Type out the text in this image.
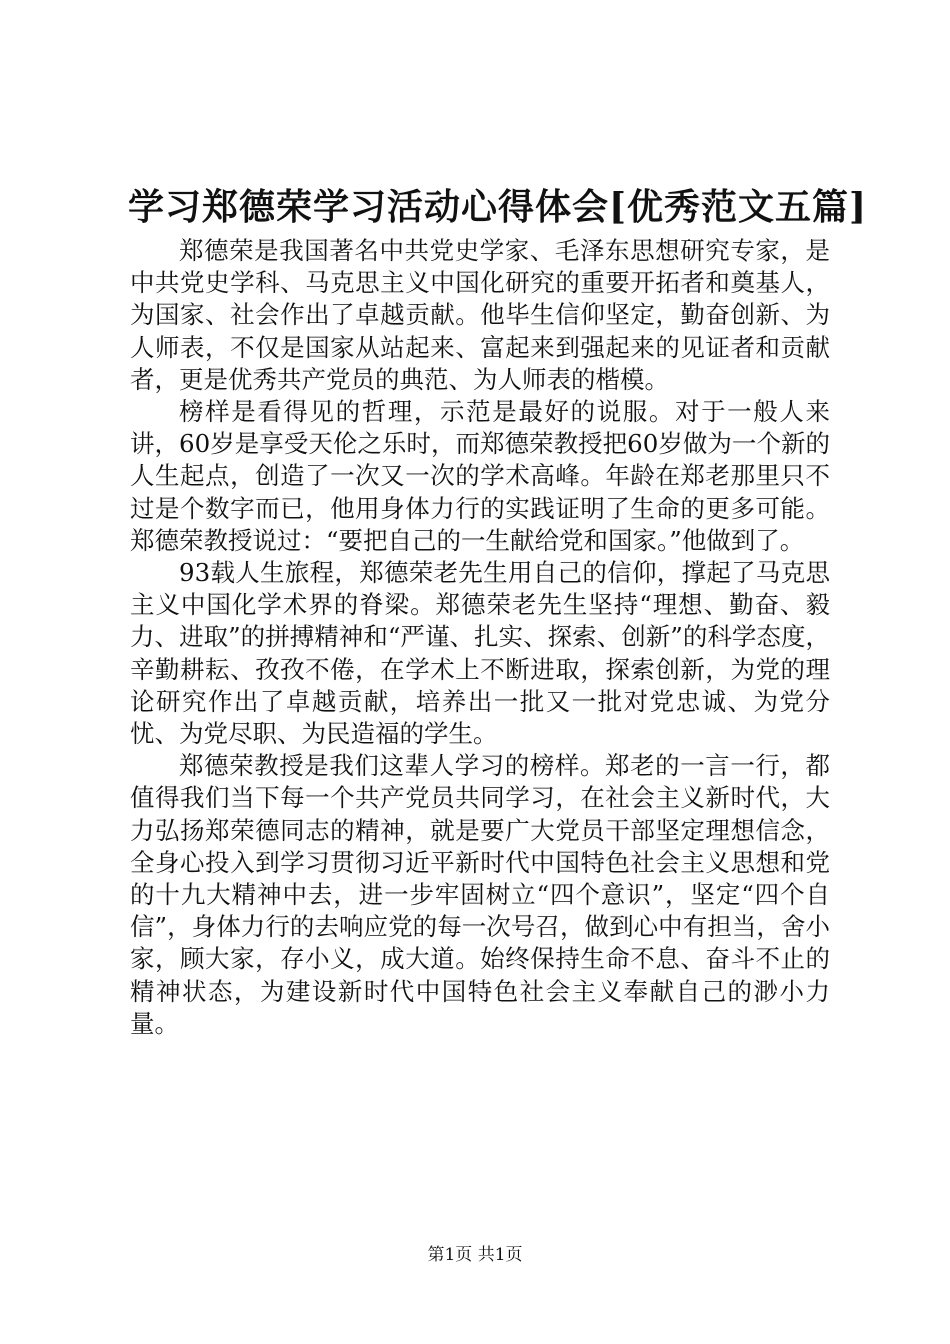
学习郑德荣学习活动心得体会[优秀范文五篇]

郑德荣是我国著名中共党史学家、毛泽东思想研究专家，是中共党史学科、马克思主义中国化研究的重要开拓者和奠基人，为国家、社会作出了卓越贡献。他毕生信仰坚定，勤奋创新、为人师表，不仅是国家从站起来、富起来到强起来的见证者和贡献者，更是优秀共产党员的典范、为人师表的楷模。

榜样是看得见的哲理，示范是最好的说服。对于一般人来讲，60岁是享受天伦之乐时，而郑德荣教授把60岁做为一个新的人生起点，创造了一次又一次的学术高峰。年龄在郑老那里只不过是个数字而已，他用身体力行的实践证明了生命的更多可能。郑德荣教授说过：“要把自己的一生献给党和国家。”他做到了。

93载人生旅程，郑德荣老先生用自己的信仰，撑起了马克思主义中国化学术界的脊梁。郑德荣老先生坚持“理想、勤奋、毅力、进取”的拼搏精神和“严谨、扎实、探索、创新”的科学态度，辛勤耕耘、孜孜不倦，在学术上不断进取，探索创新，为党的理论研究作出了卓越贡献，培养出一批又一批对党忠诚、为党分忧、为党尽职、为民造福的学生。

郑德荣教授是我们这辈人学习的榜样。郑老的一言一行，都值得我们当下每一个共产党员共同学习，在社会主义新时代，大力弘扬郑荣德同志的精神，就是要广大党员干部坚定理想信念，全身心投入到学习贯彻习近平新时代中国特色社会主义思想和党的十九大精神中去，进一步牢固树立“四个意识”，坚定“四个自信”，身体力行的去响应党的每一次号召，做到心中有担当，舍小家，顾大家，存小义，成大道。始终保持生命不息、奋斗不止的精神状态，为建设新时代中国特色社会主义奉献自己的渺小力量。

第1页 共1页
